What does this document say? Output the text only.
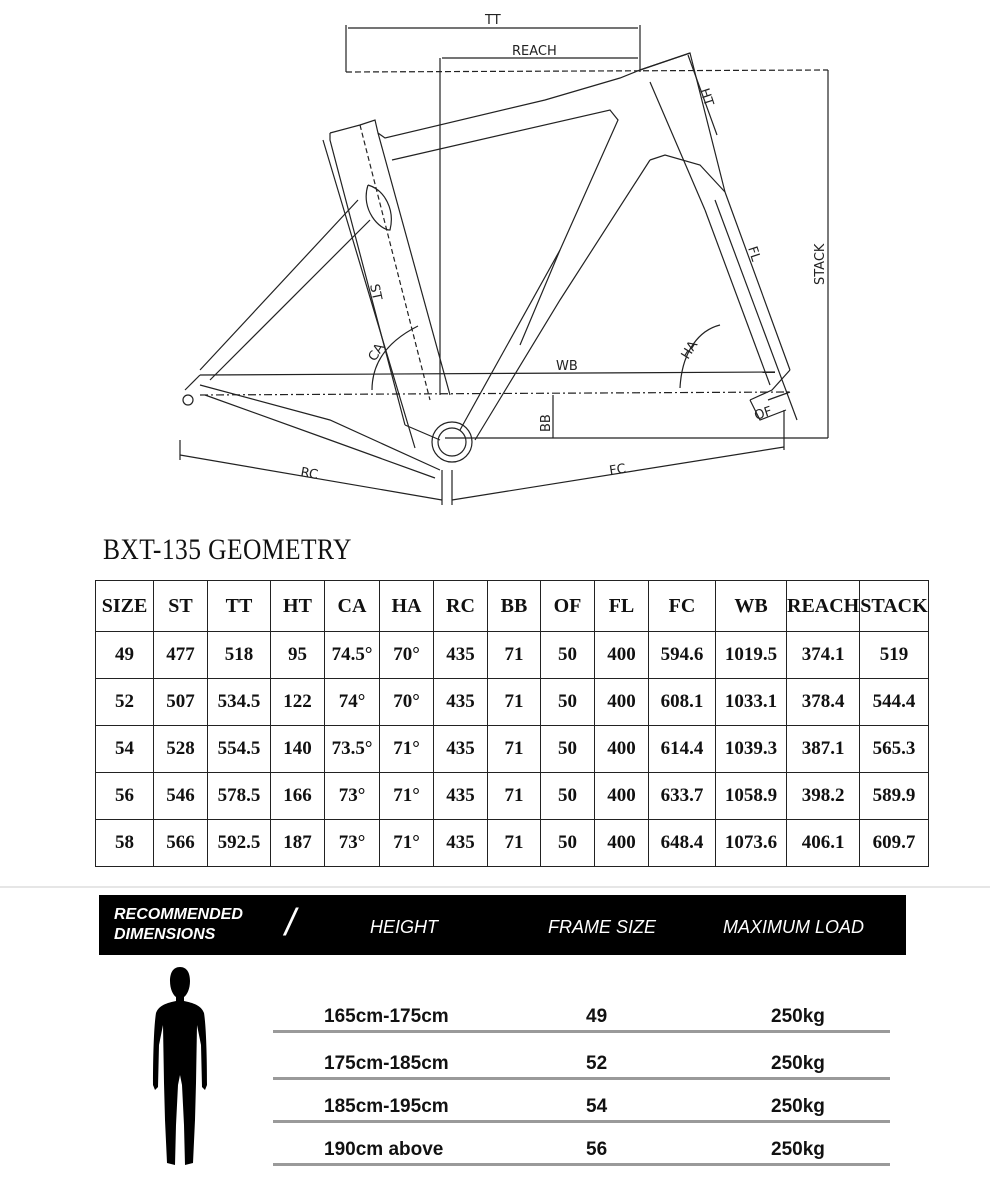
TT
REACH
HT
STACK
FL
ST
CA	HA
WB
BB	OF
RC	FC
BXT-135 GEOMETRY
SIZE	ST	TT	HT	CA	HA	RC	BB	OF	FL	FC	WB	REACH	STACK
49	477	518	95	74.5°	70°	435	71	50	400	594.6	1019.5	374.1	519
52	507	534.5	122	74°	70°	435	71	50	400	608.1	1033.1	378.4	544.4
54	528	554.5	140	73.5°	71°	435	71	50	400	614.4	1039.3	387.1	565.3
56	546	578.5	166	73°	71°	435	71	50	400	633.7	1058.9	398.2	589.9
58	566	592.5	187	73°	71°	435	71	50	400	648.4	1073.6	406.1	609.7
RECOMMENDED
DIMENSIONS	/	HEIGHT	FRAME SIZE	MAXIMUM LOAD
165cm-175cm	49	250kg
175cm-185cm	52	250kg
185cm-195cm	54	250kg
190cm above	56	250kg
